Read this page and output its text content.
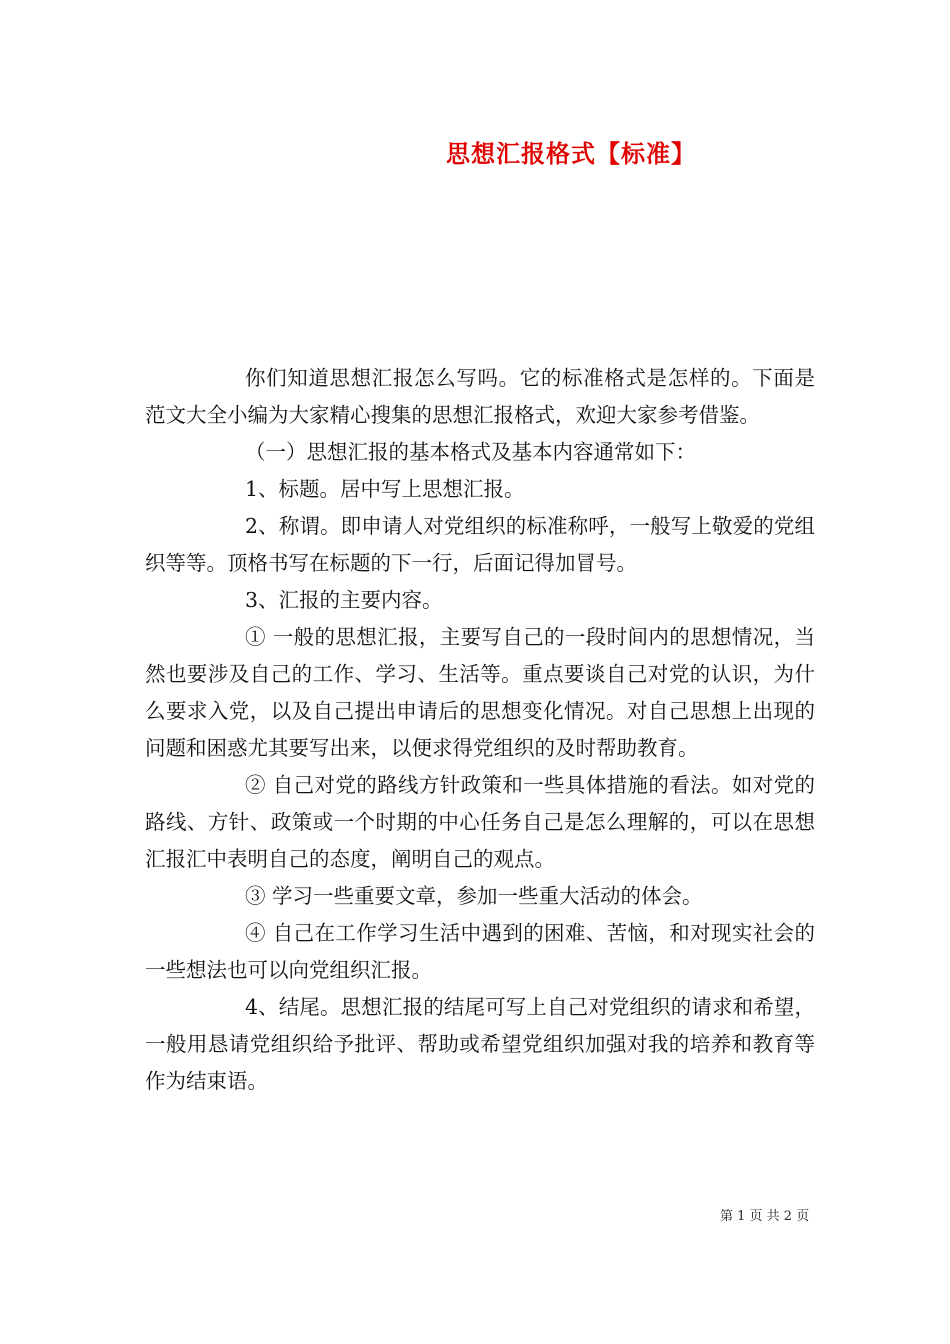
思想汇报格式【标准】

你们知道思想汇报怎么写吗。它的标准格式是怎样的。下面是范文大全小编为大家精心搜集的思想汇报格式，欢迎大家参考借鉴。

（一）思想汇报的基本格式及基本内容通常如下：

1、标题。居中写上思想汇报。

2、称谓。即申请人对党组织的标准称呼，一般写上敬爱的党组织等等。顶格书写在标题的下一行，后面记得加冒号。

3、汇报的主要内容。

① 一般的思想汇报，主要写自己的一段时间内的思想情况，当然也要涉及自己的工作、学习、生活等。重点要谈自己对党的认识，为什么要求入党，以及自己提出申请后的思想变化情况。对自己思想上出现的问题和困惑尤其要写出来，以便求得党组织的及时帮助教育。

② 自己对党的路线方针政策和一些具体措施的看法。如对党的路线、方针、政策或一个时期的中心任务自己是怎么理解的，可以在思想汇报汇中表明自己的态度，阐明自己的观点。

③ 学习一些重要文章，参加一些重大活动的体会。

④ 自己在工作学习生活中遇到的困难、苦恼，和对现实社会的一些想法也可以向党组织汇报。

4、结尾。思想汇报的结尾可写上自己对党组织的请求和希望，一般用恳请党组织给予批评、帮助或希望党组织加强对我的培养和教育等作为结束语。

第 1 页 共 2 页
